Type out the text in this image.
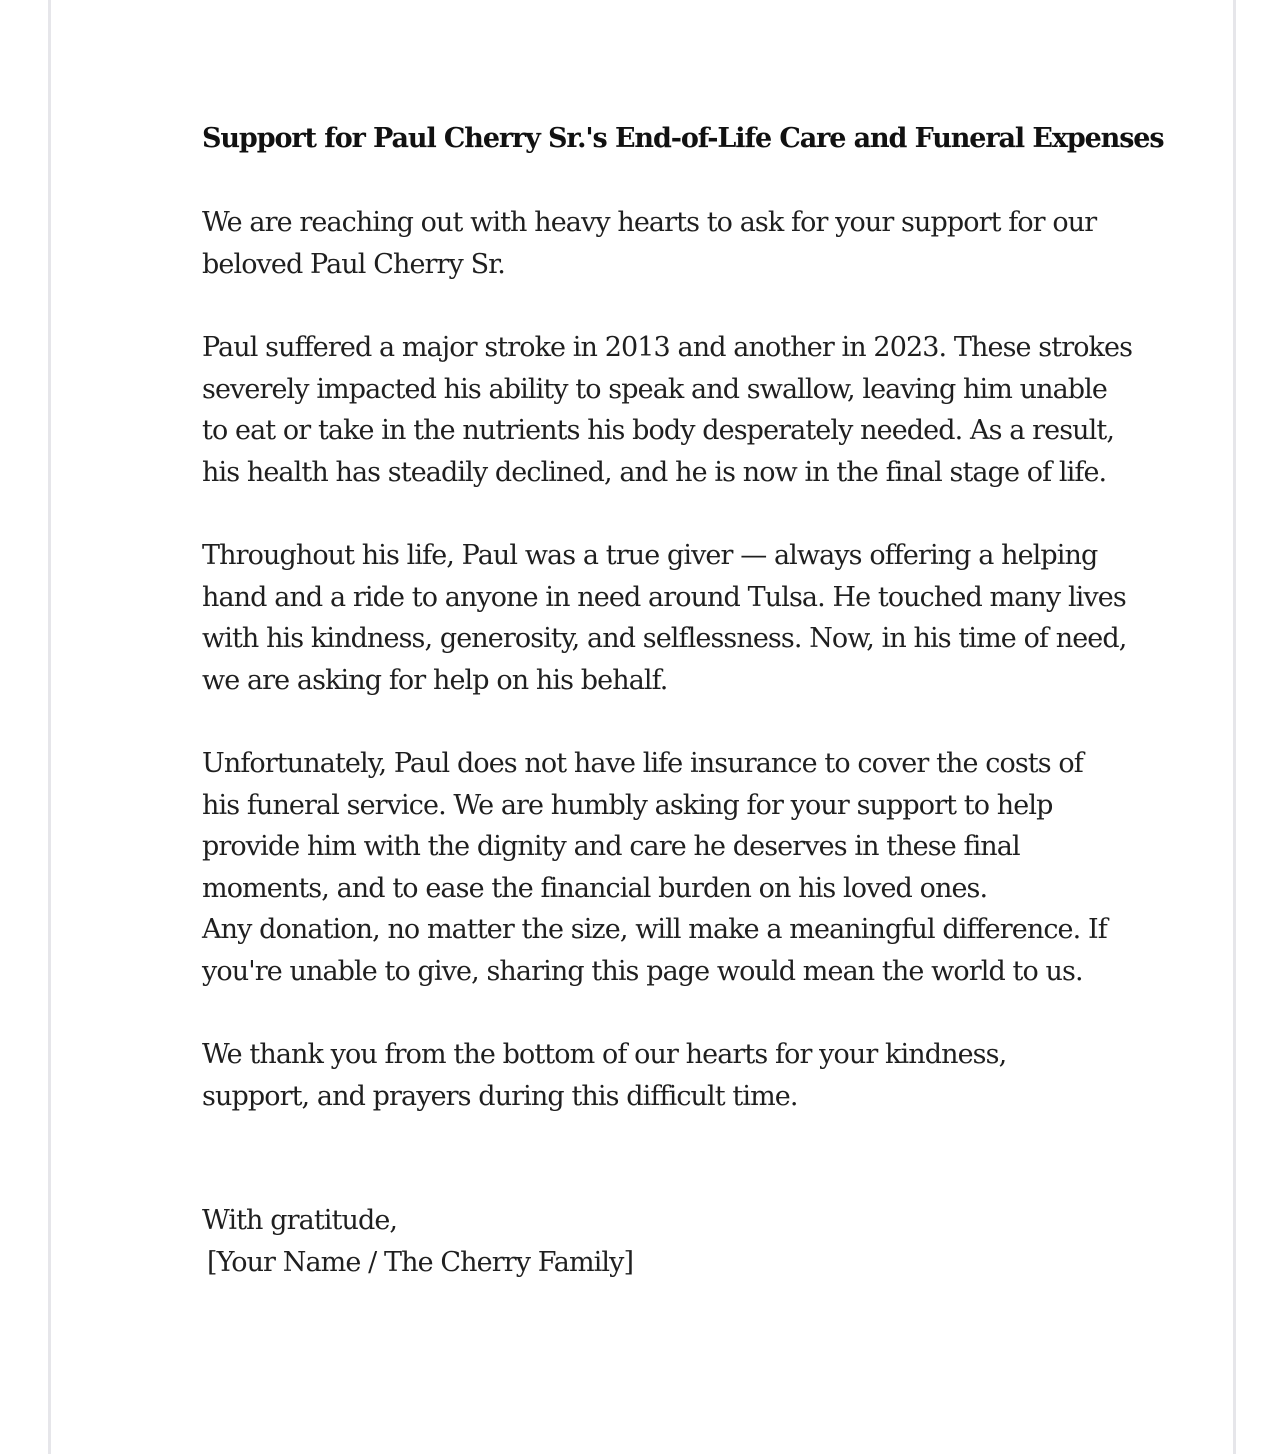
Support for Paul Cherry Sr.'s End-of-Life Care and Funeral Expenses

We are reaching out with heavy hearts to ask for your support for our
beloved Paul Cherry Sr.

Paul suffered a major stroke in 2013 and another in 2023. These strokes
severely impacted his ability to speak and swallow, leaving him unable
to eat or take in the nutrients his body desperately needed. As a result,
his health has steadily declined, and he is now in the final stage of life.

Throughout his life, Paul was a true giver — always offering a helping
hand and a ride to anyone in need around Tulsa. He touched many lives
with his kindness, generosity, and selflessness. Now, in his time of need,
we are asking for help on his behalf.

Unfortunately, Paul does not have life insurance to cover the costs of
his funeral service. We are humbly asking for your support to help
provide him with the dignity and care he deserves in these final
moments, and to ease the financial burden on his loved ones.
Any donation, no matter the size, will make a meaningful difference. If
you're unable to give, sharing this page would mean the world to us.

We thank you from the bottom of our hearts for your kindness,
support, and prayers during this difficult time.

With gratitude,
[Your Name / The Cherry Family]
